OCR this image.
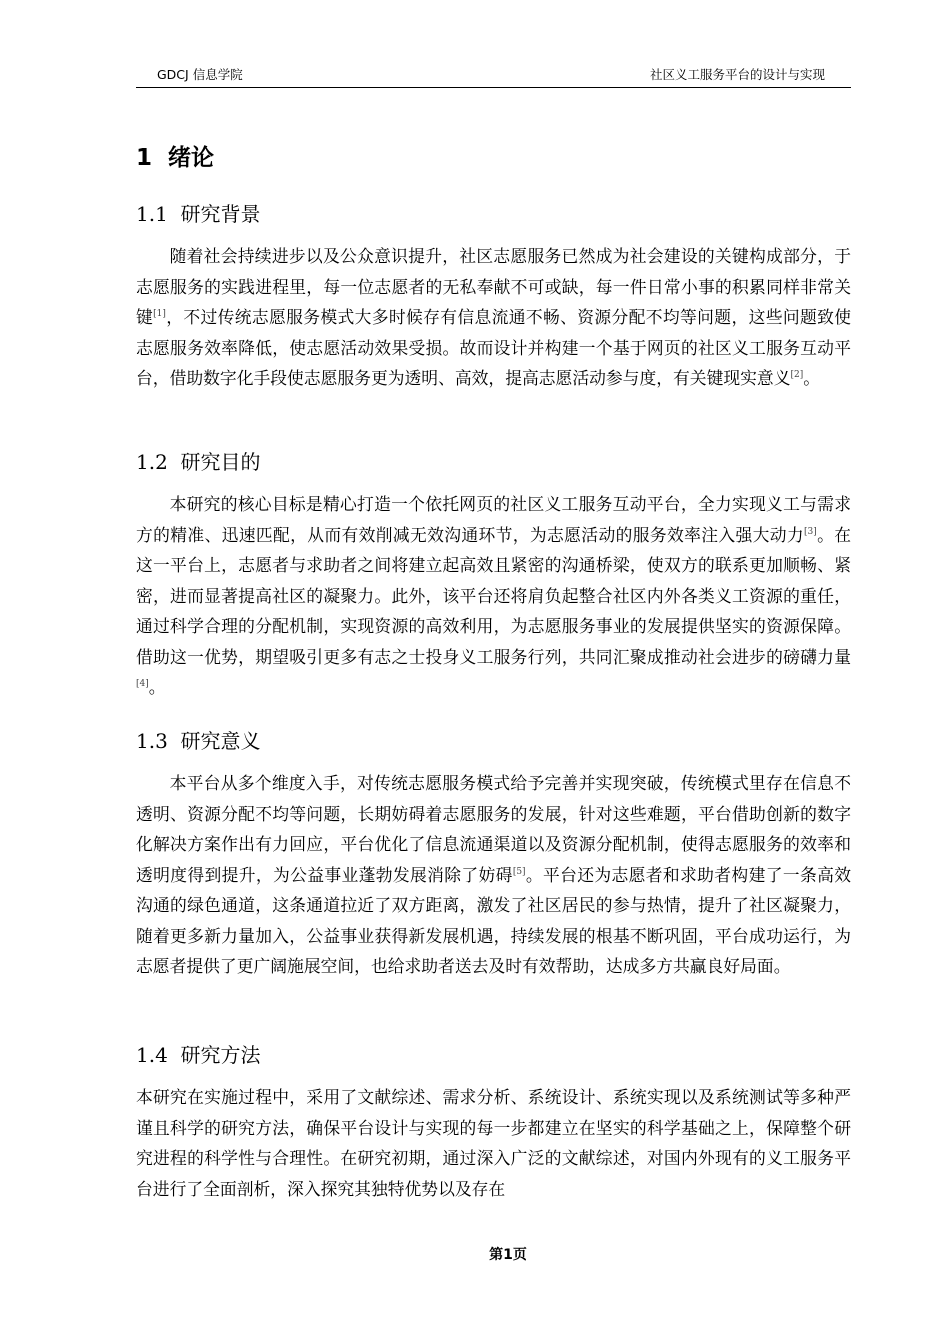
GDCJ 信息学院	社区义工服务平台的设计与实现
1 绪论
1.1 研究背景

随着社会持续进步以及公众意识提升，社区志愿服务已然成为社会建设的关键构成部分，于志愿服务的实践进程里，每一位志愿者的无私奉献不可或缺，每一件日常小事的积累同样非常关键[1]，不过传统志愿服务模式大多时候存有信息流通不畅、资源分配不均等问题，这些问题致使志愿服务效率降低，使志愿活动效果受损。故而设计并构建一个基于网页的社区义工服务互动平台，借助数字化手段使志愿服务更为透明、高效，提高志愿活动参与度，有关键现实意义[2]。

1.2 研究目的

本研究的核心目标是精心打造一个依托网页的社区义工服务互动平台，全力实现义工与需求方的精准、迅速匹配，从而有效削减无效沟通环节，为志愿活动的服务效率注入强大动力[3]。在这一平台上，志愿者与求助者之间将建立起高效且紧密的沟通桥梁，使双方的联系更加顺畅、紧密，进而显著提高社区的凝聚力。此外，该平台还将肩负起整合社区内外各类义工资源的重任，通过科学合理的分配机制，实现资源的高效利用，为志愿服务事业的发展提供坚实的资源保障。借助这一优势，期望吸引更多有志之士投身义工服务行列，共同汇聚成推动社会进步的磅礴力量[4]。

1.3 研究意义

本平台从多个维度入手，对传统志愿服务模式给予完善并实现突破，传统模式里存在信息不透明、资源分配不均等问题，长期妨碍着志愿服务的发展，针对这些难题，平台借助创新的数字化解决方案作出有力回应，平台优化了信息流通渠道以及资源分配机制，使得志愿服务的效率和透明度得到提升，为公益事业蓬勃发展消除了妨碍[5]。平台还为志愿者和求助者构建了一条高效沟通的绿色通道，这条通道拉近了双方距离，激发了社区居民的参与热情，提升了社区凝聚力，随着更多新力量加入，公益事业获得新发展机遇，持续发展的根基不断巩固，平台成功运行，为志愿者提供了更广阔施展空间，也给求助者送去及时有效帮助，达成多方共赢良好局面。

1.4 研究方法

本研究在实施过程中，采用了文献综述、需求分析、系统设计、系统实现以及系统测试等多种严谨且科学的研究方法，确保平台设计与实现的每一步都建立在坚实的科学基础之上，保障整个研究进程的科学性与合理性。在研究初期，通过深入广泛的文献综述，对国内外现有的义工服务平台进行了全面剖析，深入探究其独特优势以及存在

第1页
